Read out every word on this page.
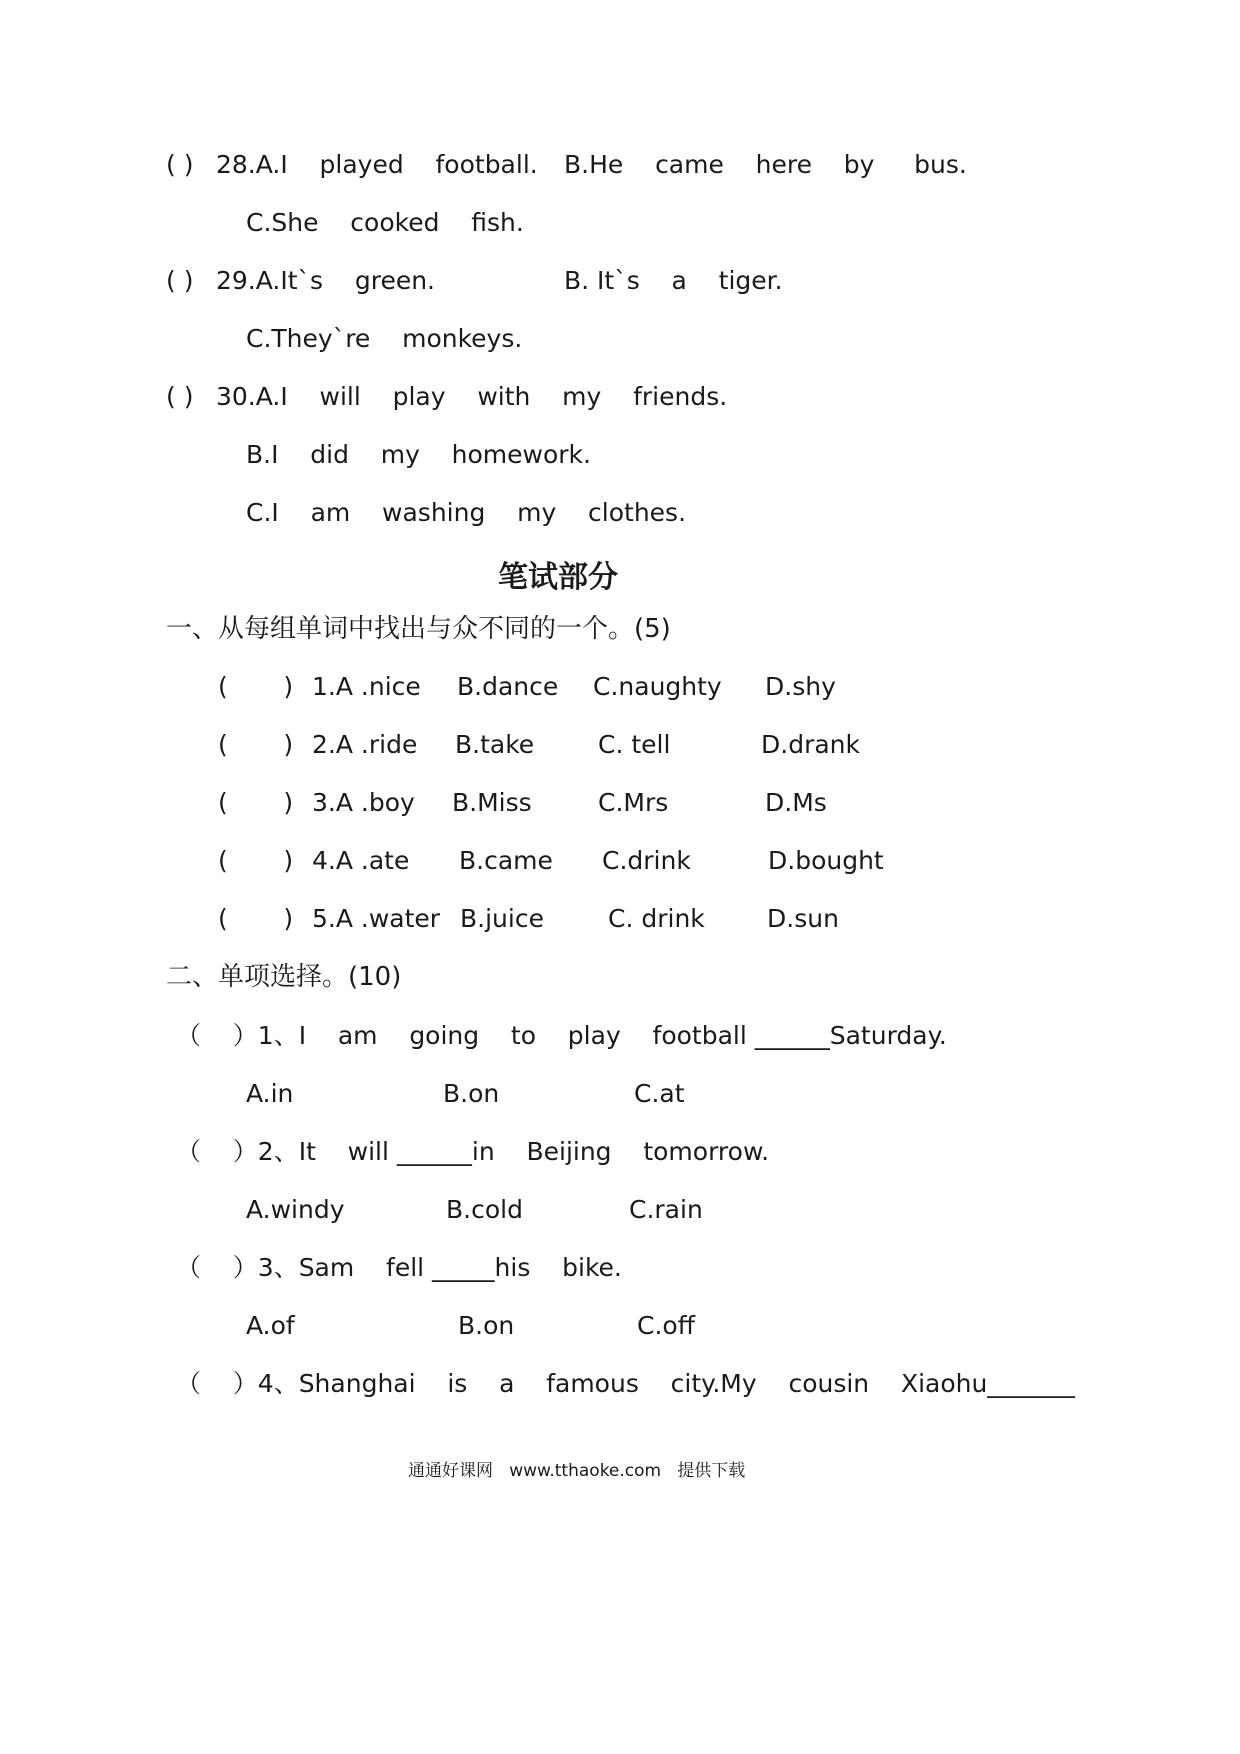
( ) 28.A.I    played    football. B.He    came    here    by     bus.
C.She    cooked    fish.
( ) 29.A.It`s    green.	B. It`s    a    tiger.
C.They`re    monkeys.
( ) 30.A.I    will    play    with    my    friends.
B.I    did    my    homework.
C.I    am    washing    my    clothes.
笔试部分
一、从每组单词中找出与众不同的一个。(5)
(       ) 1.A .nice B.dance C.naughty D.shy
(       ) 2.A .ride B.take	C. tell	D.drank
(       ) 3.A .boy B.Miss	C.Mrs	D.Ms
(       ) 4.A .ate B.came C.drink	D.bought
(       ) 5.A .water B.juice	C. drink D.sun
二、单项选择。(10)
（    ）1、I    am    going    to    play    football ______Saturday.
A.in	B.on	C.at
（    ）2、It    will ______in    Beijing    tomorrow.
A.windy	B.cold	C.rain
（    ）3、Sam    fell _____his    bike.
A.of	B.on	C.off
（    ）4、Shanghai    is    a    famous    city.My    cousin    Xiaohu_______
通通好课网   www.tthaoke.com   提供下载
